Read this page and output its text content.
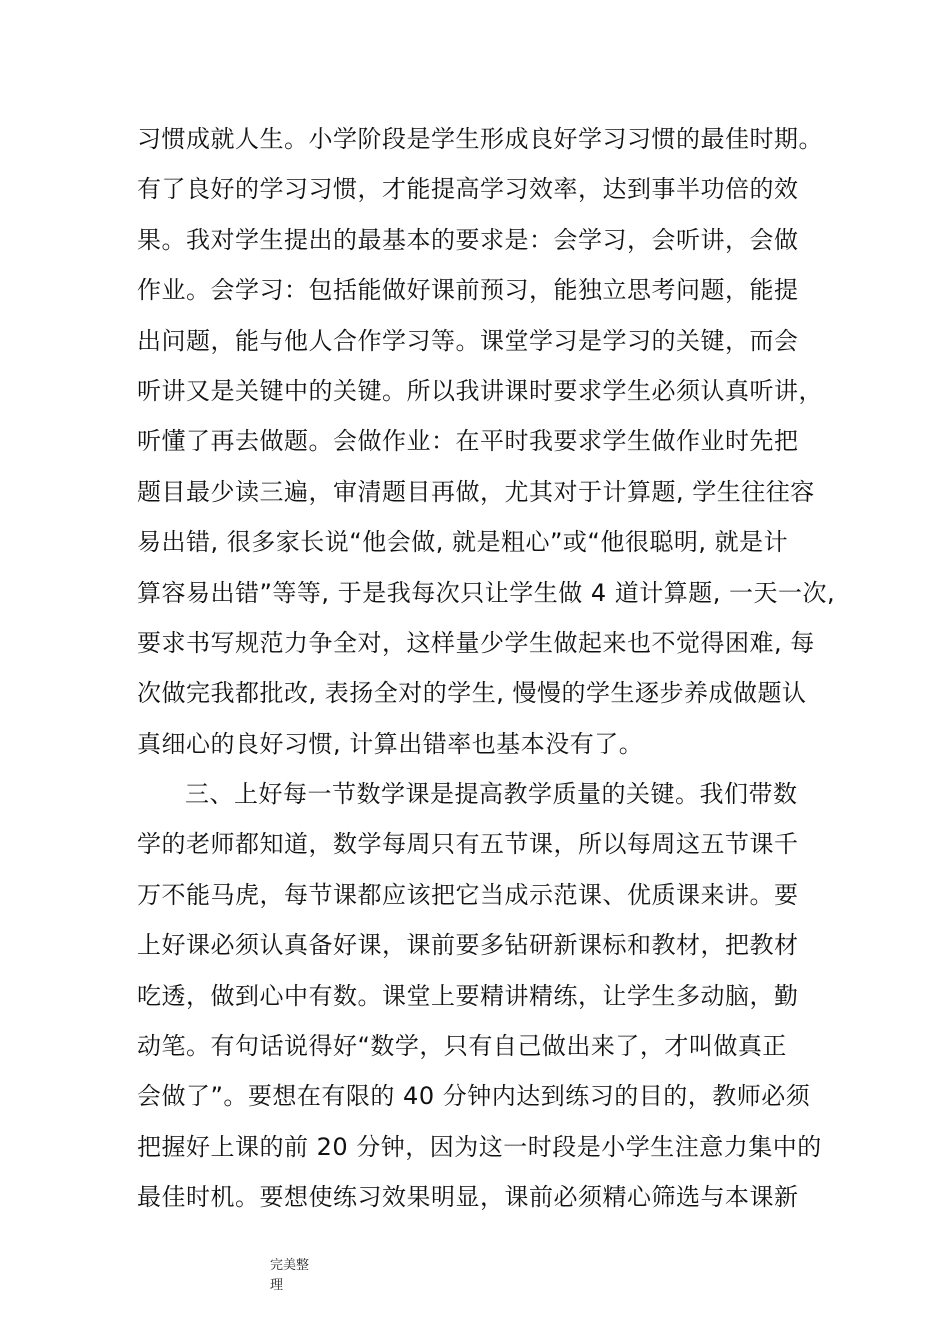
习惯成就人生。小学阶段是学生形成良好学习习惯的最佳时期。
有了良好的学习习惯，才能提高学习效率，达到事半功倍的效
果。我对学生提出的最基本的要求是：会学习，会听讲，会做
作业。会学习：包括能做好课前预习，能独立思考问题，能提
出问题，能与他人合作学习等。课堂学习是学习的关键，而会
听讲又是关键中的关键。所以我讲课时要求学生必须认真听讲，
听懂了再去做题。会做作业：在平时我要求学生做作业时先把
题目最少读三遍，审清题目再做，尤其对于计算题, 学生往往容
易出错, 很多家长说“他会做, 就是粗心”或“他很聪明, 就是计
算容易出错”等等, 于是我每次只让学生做 4 道计算题, 一天一次,
要求书写规范力争全对，这样量少学生做起来也不觉得困难, 每
次做完我都批改, 表扬全对的学生, 慢慢的学生逐步养成做题认
真细心的良好习惯, 计算出错率也基本没有了。
三、上好每一节数学课是提高教学质量的关键。我们带数
学的老师都知道，数学每周只有五节课，所以每周这五节课千
万不能马虎，每节课都应该把它当成示范课、优质课来讲。要
上好课必须认真备好课，课前要多钻研新课标和教材，把教材
吃透，做到心中有数。课堂上要精讲精练，让学生多动脑，勤
动笔。有句话说得好“数学，只有自己做出来了，才叫做真正
会做了”。要想在有限的 40 分钟内达到练习的目的，教师必须
把握好上课的前 20 分钟，因为这一时段是小学生注意力集中的
最佳时机。要想使练习效果明显，课前必须精心筛选与本课新
完美整
理
